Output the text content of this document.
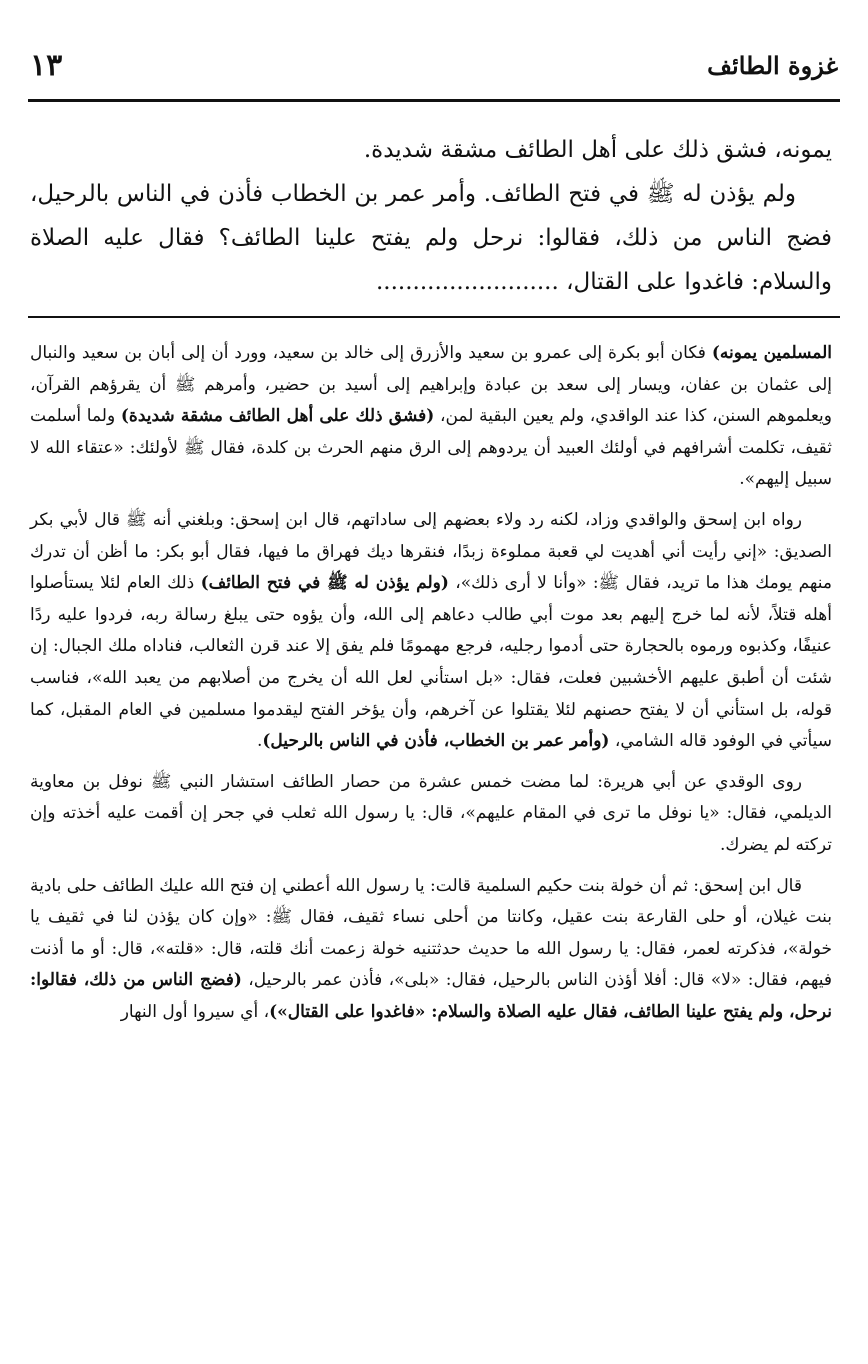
غزوة الطائف
١٣

يمونه، فشق ذلك على أهل الطائف مشقة شديدة.

ولم يؤذن له ﷺ في فتح الطائف. وأمر عمر بن الخطاب فأذن في الناس بالرحيل، فضج الناس من ذلك، فقالوا: نرحل ولم يفتح علينا الطائف؟ فقال عليه الصلاة والسلام: فاغدوا على القتال، .........................

المسلمين يمونه) فكان أبو بكرة إلى عمرو بن سعيد والأزرق إلى خالد بن سعيد، وورد أن إلى أبان بن سعيد والنبال إلى عثمان بن عفان، ويسار إلى سعد بن عبادة وإبراهيم إلى أسيد بن حضير، وأمرهم ﷺ أن يقرؤهم القرآن، ويعلموهم السنن، كذا عند الواقدي، ولم يعين البقية لمن، (فشق ذلك على أهل الطائف مشقة شديدة) ولما أسلمت ثقيف، تكلمت أشرافهم في أولئك العبيد أن يردوهم إلى الرق منهم الحرث بن كلدة، فقال ﷺ لأولئك: «عتقاء الله لا سبيل إليهم».

رواه ابن إسحق والواقدي وزاد، لكنه رد ولاء بعضهم إلى ساداتهم، قال ابن إسحق: وبلغني أنه ﷺ قال لأبي بكر الصديق: «إني رأيت أني أهديت لي قعبة مملوءة زبدًا، فنقرها ديك فهراق ما فيها، فقال أبو بكر: ما أظن أن تدرك منهم يومك هذا ما تريد، فقال ﷺ: «وأنا لا أرى ذلك»، (ولم يؤذن له ﷺ في فتح الطائف) ذلك العام لئلا يستأصلوا أهله قتلاً، لأنه لما خرج إليهم بعد موت أبي طالب دعاهم إلى الله، وأن يؤوه حتى يبلغ رسالة ربه، فردوا عليه ردًا عنيفًا، وكذبوه ورموه بالحجارة حتى أدموا رجليه، فرجع مهمومًا فلم يفق إلا عند قرن الثعالب، فناداه ملك الجبال: إن شئت أن أطبق عليهم الأخشبين فعلت، فقال: «بل استأني لعل الله أن يخرج من أصلابهم من يعبد الله»، فناسب قوله، بل استأني أن لا يفتح حصنهم لئلا يقتلوا عن آخرهم، وأن يؤخر الفتح ليقدموا مسلمين في العام المقبل، كما سيأتي في الوفود قاله الشامي، (وأمر عمر بن الخطاب، فأذن في الناس بالرحيل).

روى الوقدي عن أبي هريرة: لما مضت خمس عشرة من حصار الطائف استشار النبي ﷺ نوفل بن معاوية الديلمي، فقال: «يا نوفل ما ترى في المقام عليهم»، قال: يا رسول الله ثعلب في جحر إن أقمت عليه أخذته وإن تركته لم يضرك.

قال ابن إسحق: ثم أن خولة بنت حكيم السلمية قالت: يا رسول الله أعطني إن فتح الله عليك الطائف حلى بادية بنت غيلان، أو حلى القارعة بنت عقيل، وكانتا من أحلى نساء ثقيف، فقال ﷺ: «وإن كان يؤذن لنا في ثقيف يا خولة»، فذكرته لعمر، فقال: يا رسول الله ما حديث حدثتنيه خولة زعمت أنك قلته، قال: «قلته»، قال: أو ما أذنت فيهم، فقال: «لا» قال: أفلا أؤذن الناس بالرحيل، فقال: «بلى»، فأذن عمر بالرحيل، (فضج الناس من ذلك، فقالوا: نرحل، ولم يفتح علينا الطائف، فقال عليه الصلاة والسلام: «فاغدوا على القتال»)، أي سيروا أول النهار
